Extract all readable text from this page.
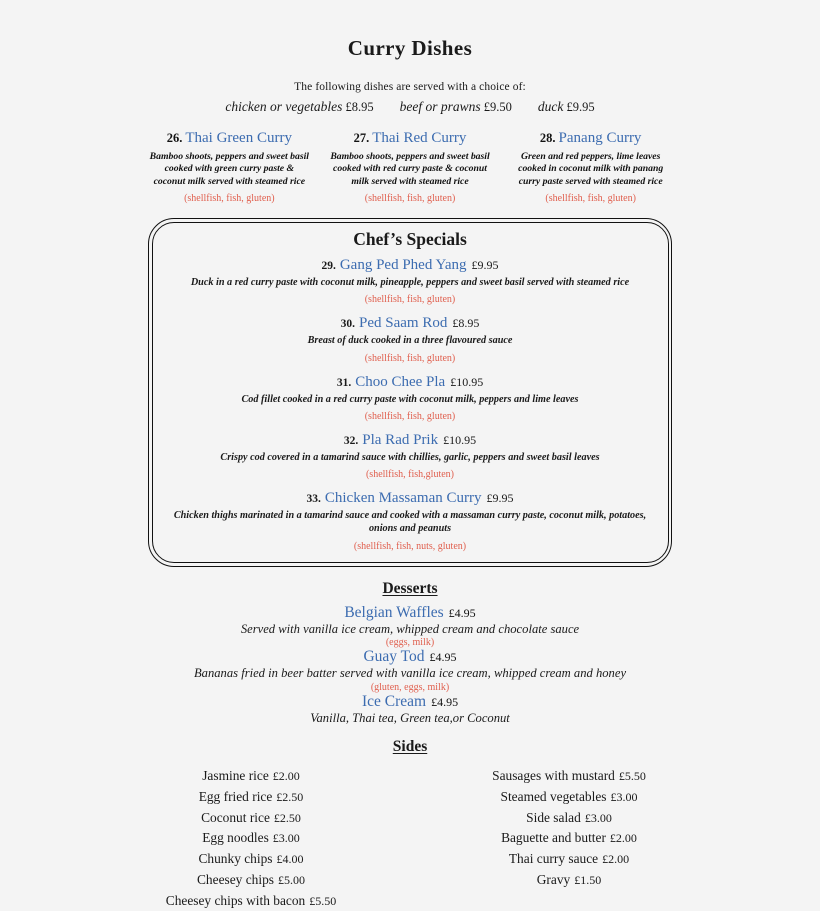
Curry Dishes
The following dishes are served with a choice of:
chicken or vegetables £8.95 beef or prawns £9.50 duck £9.95
26. Thai Green Curry
Bamboo shoots, peppers and sweet basil cooked with green curry paste & coconut milk served with steamed rice
(shellfish, fish, gluten)
27. Thai Red Curry
Bamboo shoots, peppers and sweet basil cooked with red curry paste & coconut milk served with steamed rice
(shellfish, fish, gluten)
28. Panang Curry
Green and red peppers, lime leaves cooked in coconut milk with panang curry paste served with steamed rice
(shellfish, fish, gluten)
Chef’s Specials
29. Gang Ped Phed Yang £9.95
Duck in a red curry paste with coconut milk, pineapple, peppers and sweet basil served with steamed rice
(shellfish, fish, gluten)
30. Ped Saam Rod £8.95
Breast of duck cooked in a three flavoured sauce
(shellfish, fish, gluten)
31. Choo Chee Pla £10.95
Cod fillet cooked in a red curry paste with coconut milk, peppers and lime leaves
(shellfish, fish, gluten)
32. Pla Rad Prik £10.95
Crispy cod covered in a tamarind sauce with chillies, garlic, peppers and sweet basil leaves
(shellfish, fish,gluten)
33. Chicken Massaman Curry £9.95
Chicken thighs marinated in a tamarind sauce and cooked with a massaman curry paste, coconut milk, potatoes, onions and peanuts
(shellfish, fish, nuts, gluten)
Desserts
Belgian Waffles £4.95
Served with vanilla ice cream, whipped cream and chocolate sauce
(eggs, milk)
Guay Tod £4.95
Bananas fried in beer batter served with vanilla ice cream, whipped cream and honey
(gluten, eggs, milk)
Ice Cream £4.95
Vanilla, Thai tea, Green tea,or Coconut
Sides
Jasmine rice £2.00
Egg fried rice £2.50
Coconut rice £2.50
Egg noodles £3.00
Chunky chips £4.00
Cheesey chips £5.00
Cheesey chips with bacon £5.50
Sausages with mustard £5.50
Steamed vegetables £3.00
Side salad £3.00
Baguette and butter £2.00
Thai curry sauce £2.00
Gravy £1.50
